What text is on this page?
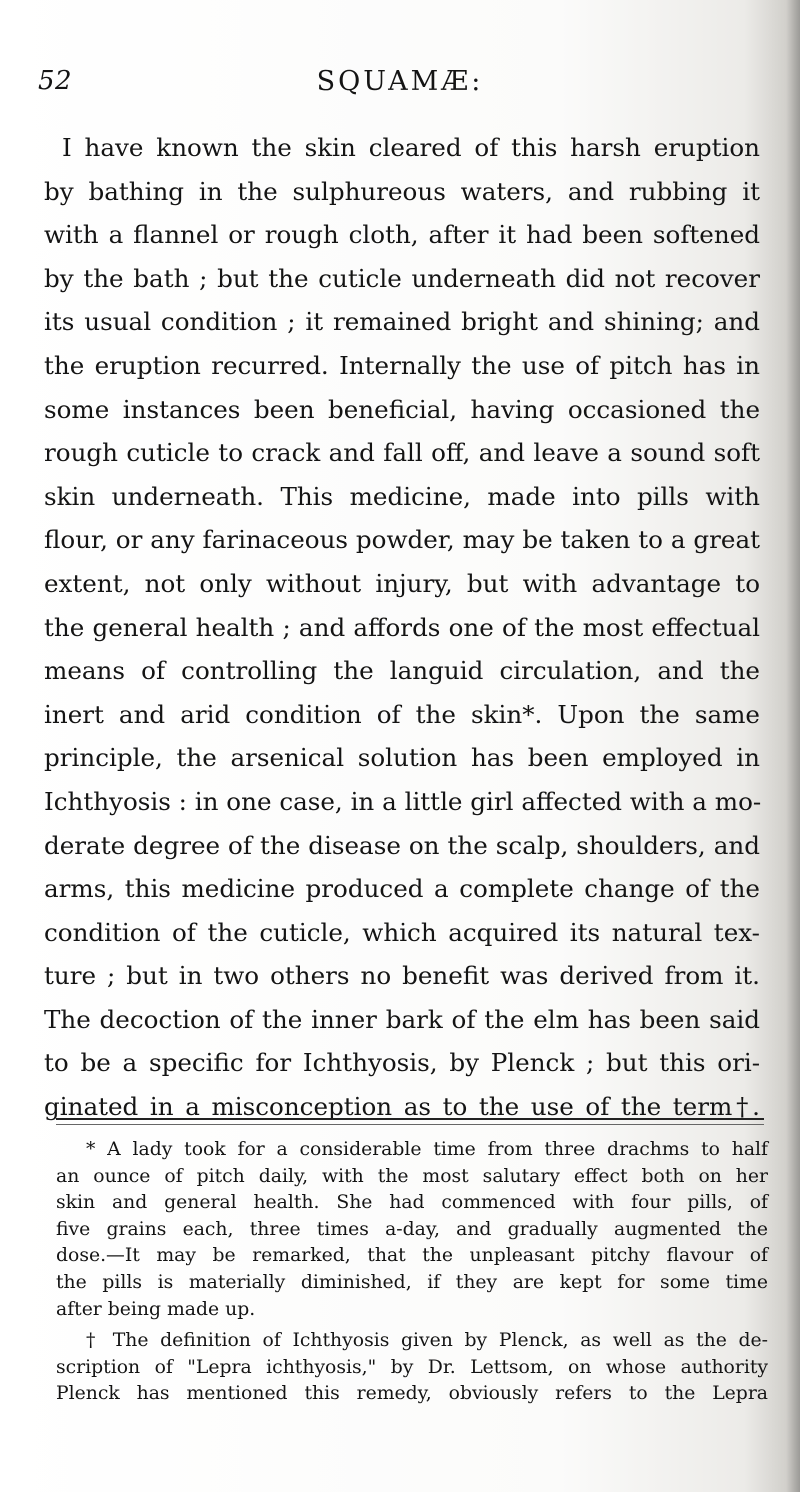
52	SQUAMÆ:
I have known the skin cleared of this harsh eruption
by bathing in the sulphureous waters, and rubbing it
with a flannel or rough cloth, after it had been softened
by the bath ; but the cuticle underneath did not recover
its usual condition ; it remained bright and shining; and
the eruption recurred. Internally the use of pitch has in
some instances been beneficial, having occasioned the
rough cuticle to crack and fall off, and leave a sound soft
skin underneath. This medicine, made into pills with
flour, or any farinaceous powder, may be taken to a great
extent, not only without injury, but with advantage to
the general health ; and affords one of the most effectual
means of controlling the languid circulation, and the
inert and arid condition of the skin*. Upon the same
principle, the arsenical solution has been employed in
Ichthyosis : in one case, in a little girl affected with a mo-
derate degree of the disease on the scalp, shoulders, and
arms, this medicine produced a complete change of the
condition of the cuticle, which acquired its natural tex-
ture ; but in two others no benefit was derived from it.
The decoction of the inner bark of the elm has been said
to be a specific for Ichthyosis, by Plenck ; but this ori-
ginated in a misconception as to the use of the term†.
* A lady took for a considerable time from three drachms to half
an ounce of pitch daily, with the most salutary effect both on her
skin and general health. She had commenced with four pills, of
five grains each, three times a-day, and gradually augmented the
dose.—It may be remarked, that the unpleasant pitchy flavour of
the pills is materially diminished, if they are kept for some time
after being made up.
† The definition of Ichthyosis given by Plenck, as well as the de-
scription of "Lepra ichthyosis," by Dr. Lettsom, on whose authority
Plenck has mentioned this remedy, obviously refers to the Lepra
